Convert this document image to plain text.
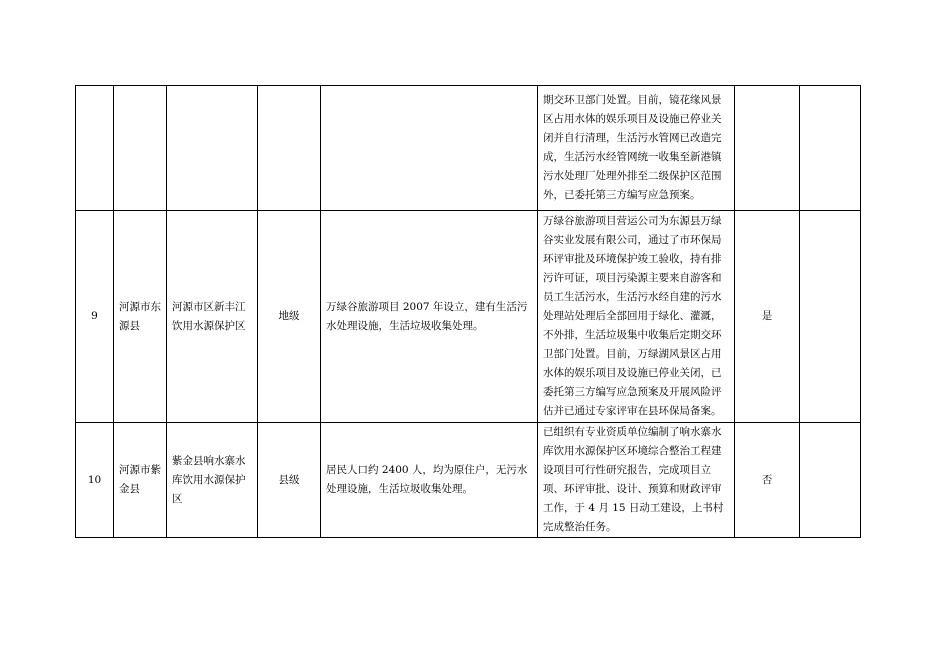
					期交环卫部门处置。目前，镜花缘风景区占用水体的娱乐项目及设施已停业关闭并自行清理，生活污水管网已改造完成，生活污水经管网统一收集至新港镇污水处理厂处理外排至二级保护区范围外，已委托第三方编写应急预案。		
9	河源市东源县	河源市区新丰江饮用水源保护区	地级	万绿谷旅游项目 2007 年设立，建有生活污水处理设施，生活垃圾收集处理。	万绿谷旅游项目营运公司为东源县万绿谷实业发展有限公司，通过了市环保局环评审批及环境保护竣工验收，持有排污许可证，项目污染源主要来自游客和员工生活污水，生活污水经自建的污水处理站处理后全部回用于绿化、灌溉，不外排，生活垃圾集中收集后定期交环卫部门处置。目前，万绿湖风景区占用水体的娱乐项目及设施已停业关闭，已委托第三方编写应急预案及开展风险评估并已通过专家评审在县环保局备案。	是	
10	河源市紫金县	紫金县响水寨水库饮用水源保护区	县级	居民人口约 2400 人，均为原住户，无污水处理设施，生活垃圾收集处理。	已组织有专业资质单位编制了响水寨水库饮用水源保护区环境综合整治工程建设项目可行性研究报告，完成项目立项、环评审批、设计、预算和财政评审工作，于 4 月 15 日动工建设，上书村完成整治任务。	否	
